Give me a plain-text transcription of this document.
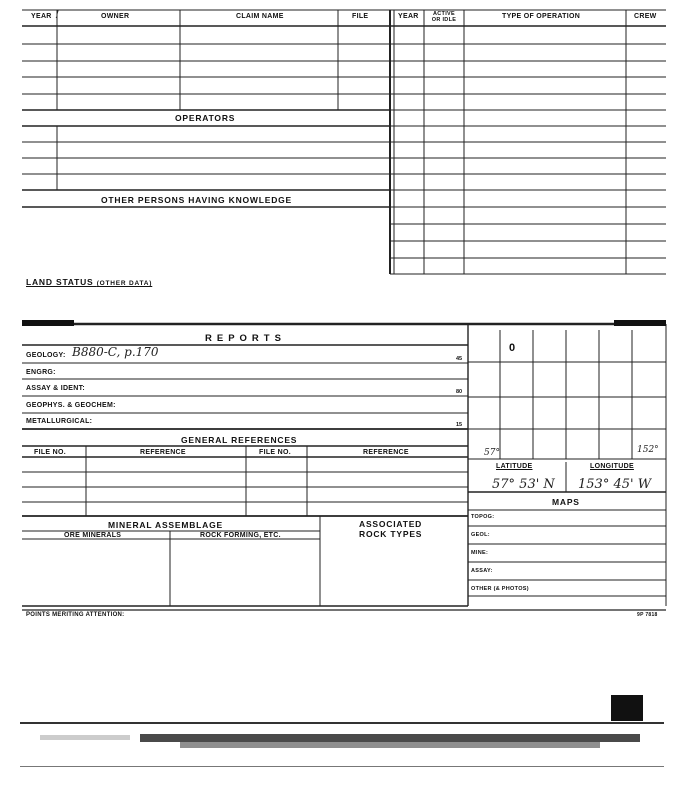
YEAR !	OWNER	CLAIM NAME	FILE	YEAR	ACTIVE OR IDLE	TYPE OF OPERATION	CREW
OPERATORS
OTHER PERSONS HAVING KNOWLEDGE
LAND STATUS (OTHER DATA)
R E P O R T S
GEOLOGY: B880-C, p.170	45
ENGRG:
ASSAY & IDENT:	80
GEOPHYS. & GEOCHEM:
METALLURGICAL:	15
GENERAL REFERENCES
FILE NO.	REFERENCE	FILE NO.	REFERENCE
MINERAL ASSEMBLAGE
ORE MINERALS	ROCK FORMING, ETC.
ASSOCIATED
ROCK TYPES
0
57°	152°
LATITUDE	LONGITUDE
57° 53' N 153° 45' W
MAPS
TOPOG:
GEOL:
MINE:
ASSAY:
OTHER (& PHOTOS)
POINTS MERITING ATTENTION:	9P 7818
